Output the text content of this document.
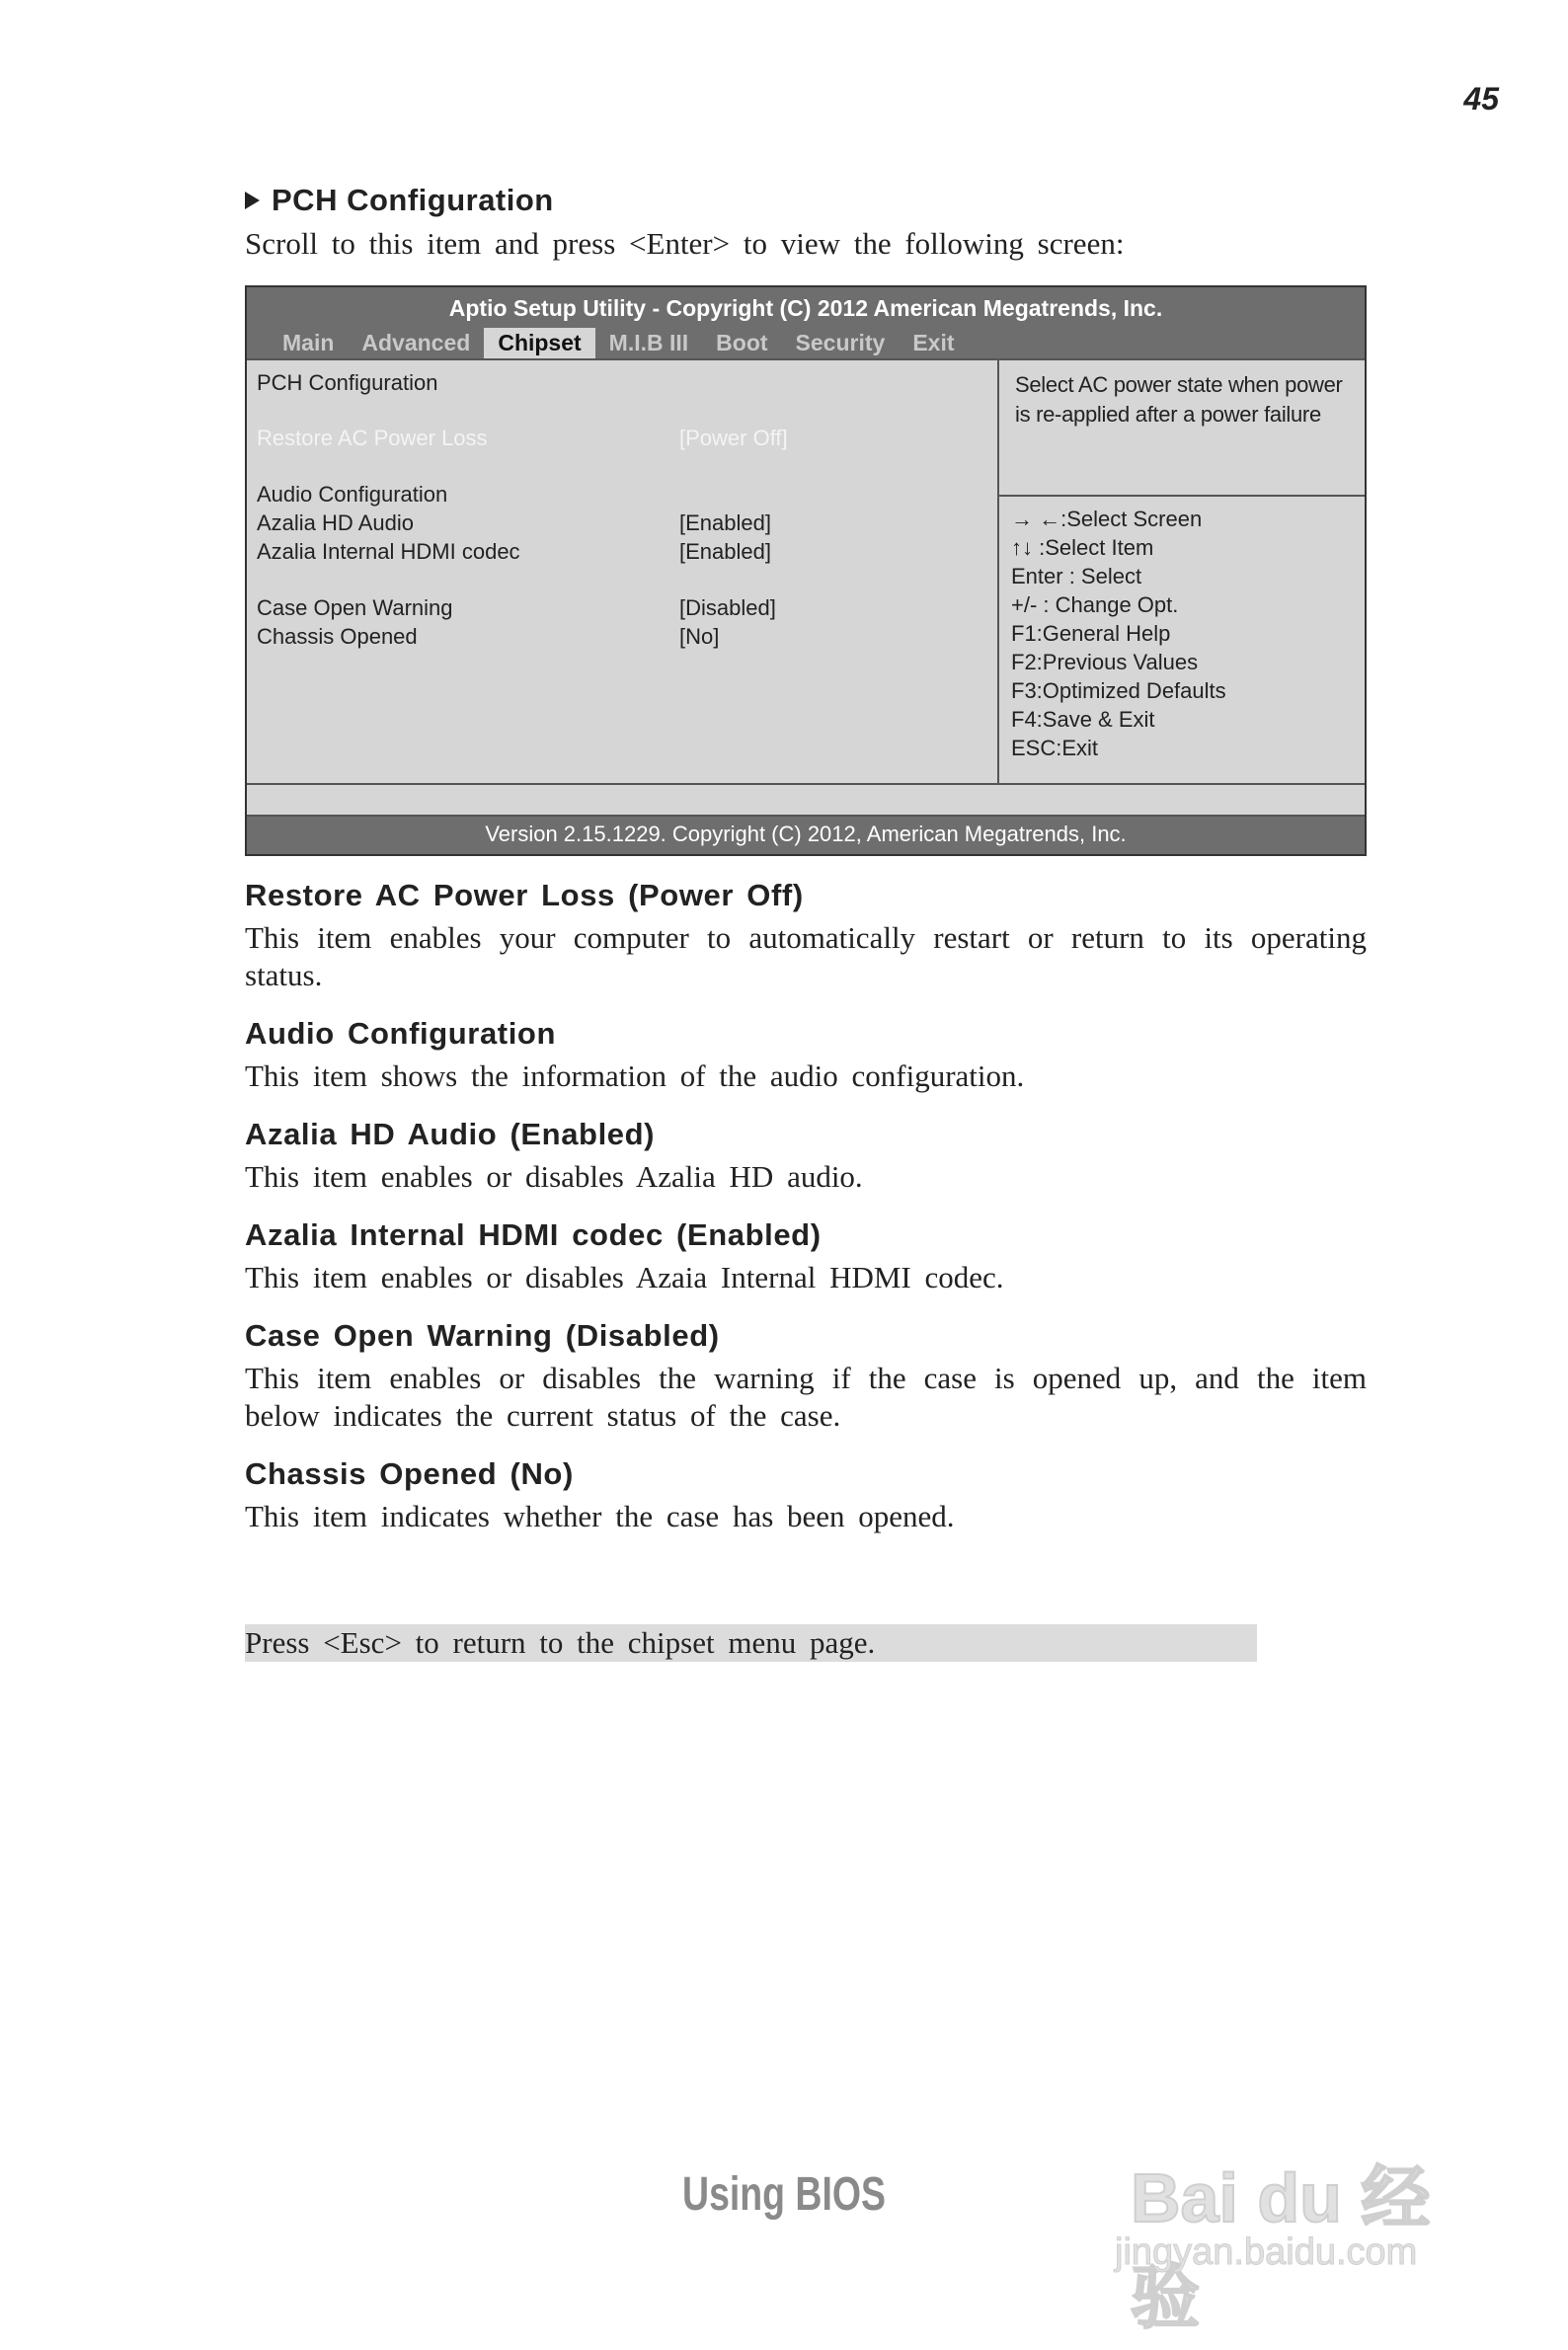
45
PCH Configuration

Scroll to this item and press <Enter> to view the following screen:

Aptio Setup Utility - Copyright (C) 2012 American Megatrends, Inc.
Main	Advanced	Chipset	M.I.B III	Boot	Security	Exit
PCH Configuration
Restore AC Power Loss	[Power Off]
Audio Configuration
Azalia HD Audio	[Enabled]
Azalia Internal HDMI codec	[Enabled]
Case Open Warning	[Disabled]
Chassis Opened	[No]
Select AC power state when power
is re-applied after a power failure
→ ←:Select Screen
↑↓ :Select Item
Enter : Select
+/- : Change Opt.
F1:General Help
F2:Previous Values
F3:Optimized Defaults
F4:Save & Exit
ESC:Exit
Version 2.15.1229. Copyright (C) 2012, American Megatrends, Inc.
Restore AC Power Loss (Power Off)

This item enables your computer to automatically restart or return to its operating status.

Audio Configuration

This item shows the information of the audio configuration.

Azalia HD Audio (Enabled)

This item enables or disables Azalia HD audio.

Azalia Internal HDMI codec (Enabled)

This item enables or disables Azaia Internal HDMI codec.

Case Open Warning (Disabled)

This item enables or disables the warning if the case is opened up, and the item below indicates the current status of the case.

Chassis Opened (No)

This item indicates whether the case has been opened.

Press <Esc> to return to the chipset menu page.
Using BIOS	Bai du 经验
jingyan.baidu.com
